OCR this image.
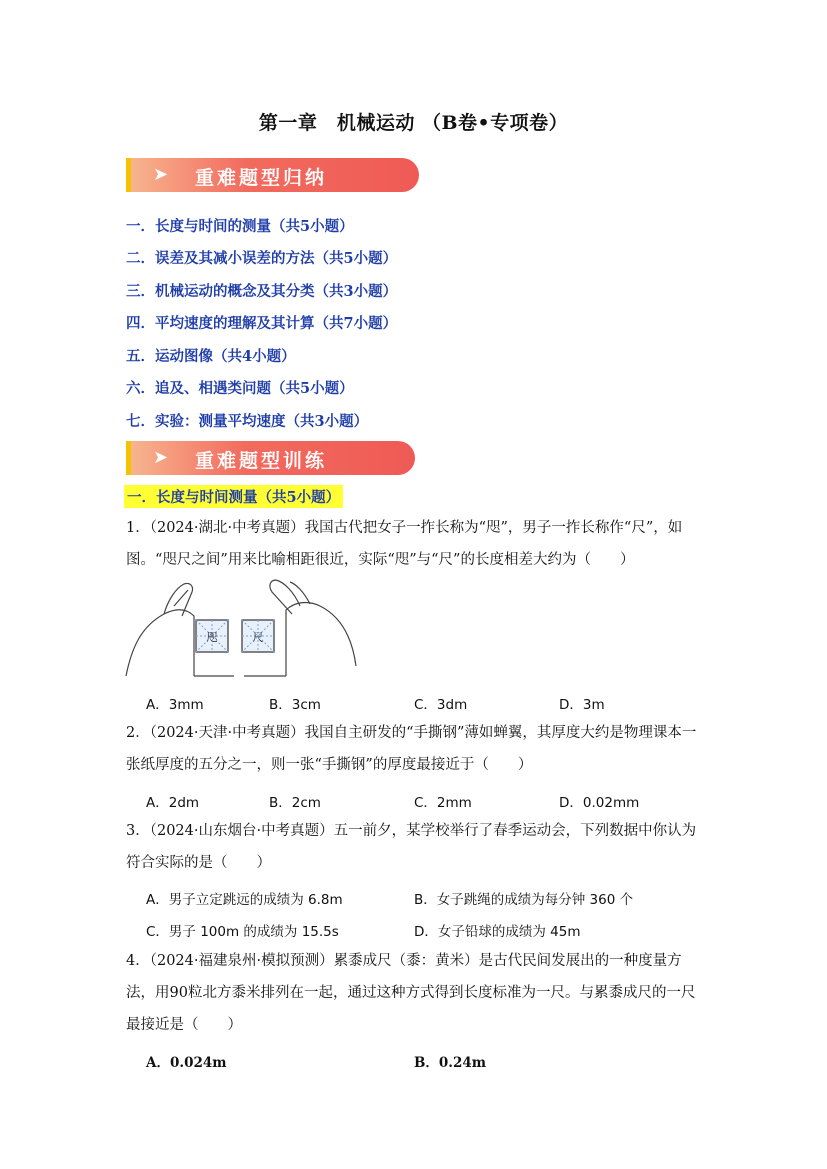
第一章　机械运动 （B卷•专项卷）
➤ 重难题型归纳
一．长度与时间的测量（共5小题）
二．误差及其减小误差的方法（共5小题）
三．机械运动的概念及其分类（共3小题）
四．平均速度的理解及其计算（共7小题）
五．运动图像（共4小题）
六．追及、相遇类问题（共5小题）
七．实验：测量平均速度（共3小题）
➤ 重难题型训练
一．长度与时间测量（共5小题）
1．（2024·湖北·中考真题）我国古代把女子一拃长称为“咫”，男子一拃长称作“尺”，如图。“咫尺之间”用来比喻相距很近，实际“咫”与“尺”的长度相差大约为（　　）
咫	尺
A．3mm	B．3cm	C．3dm	D．3m
2．（2024·天津·中考真题）我国自主研发的“手撕钢”薄如蝉翼，其厚度大约是物理课本一张纸厚度的五分之一，则一张“手撕钢”的厚度最接近于（　　）
A．2dm	B．2cm	C．2mm	D．0.02mm
3．（2024·山东烟台·中考真题）五一前夕，某学校举行了春季运动会，下列数据中你认为符合实际的是（　　）
A．男子立定跳远的成绩为 6.8m	B．女子跳绳的成绩为每分钟 360 个
C．男子 100m 的成绩为 15.5s	D．女子铅球的成绩为 45m
4．（2024·福建泉州·模拟预测）累黍成尺（黍：黄米）是古代民间发展出的一种度量方法，用90粒北方黍米排列在一起，通过这种方式得到长度标准为一尺。与累黍成尺的一尺最接近是（　　）
A．0.024m	B．0.24m
